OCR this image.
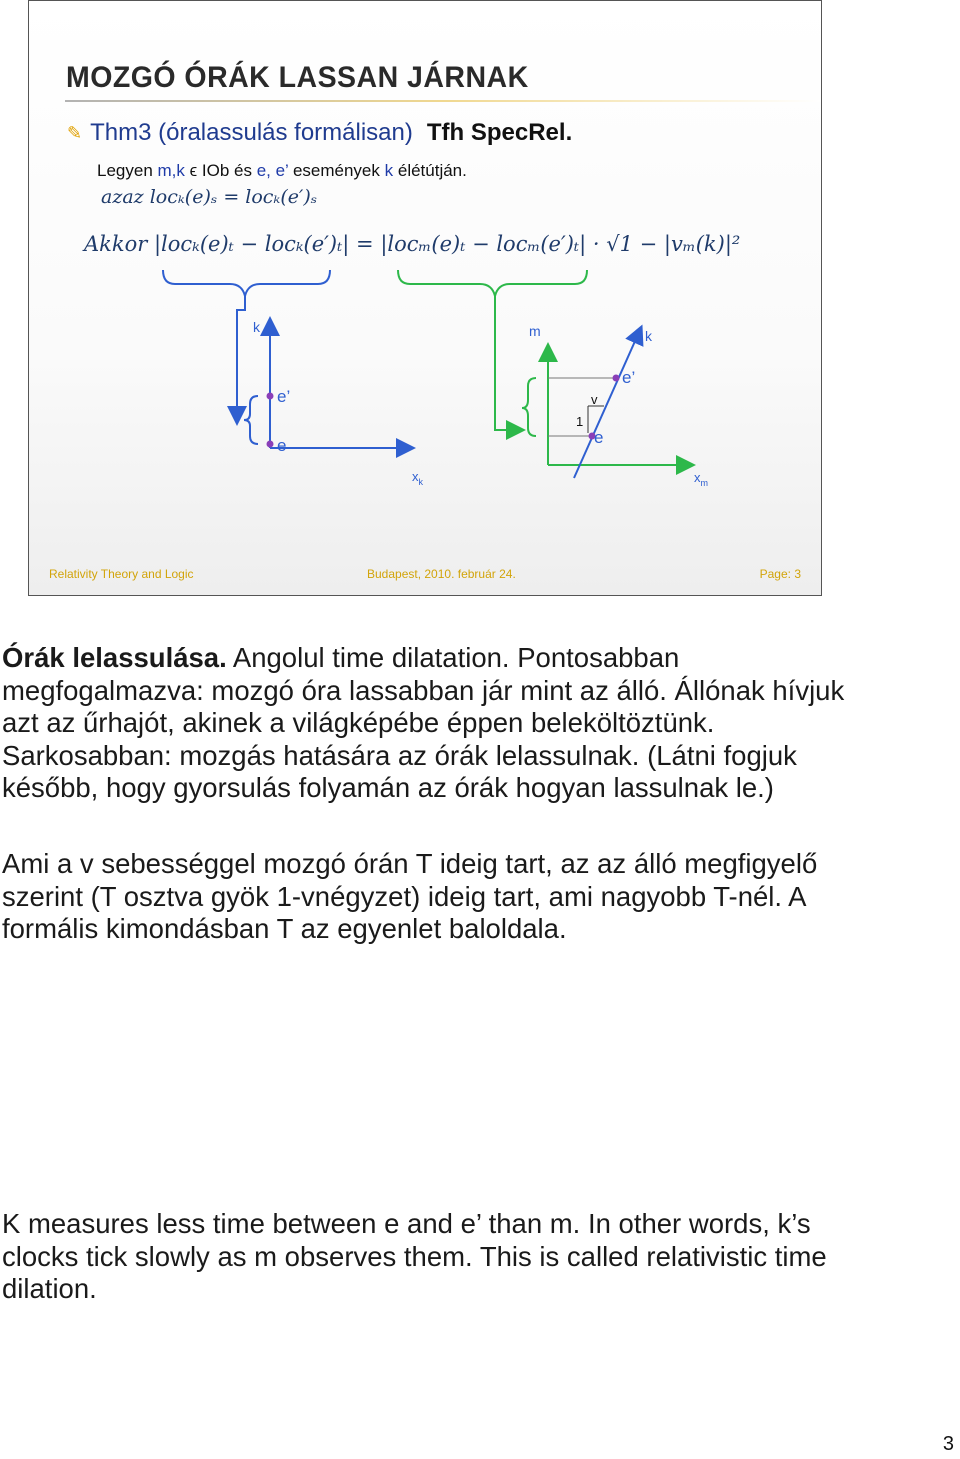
MOZGÓ ÓRÁK LASSAN JÁRNAK
✎ Thm3 (óralassulás formálisan) Tfh SpecRel.
Legyen m,k ϵ IOb és e, e’ események k élétútján.
azaz locₖ(e)ₛ = locₖ(e′)ₛ
Akkor |locₖ(e)ₜ − locₖ(e′)ₜ| = |locₘ(e)ₜ − locₘ(e′)ₜ| · √1 − |vₘ(k)|²
Relativity Theory and Logic	Budapest, 2010. február 24.	Page: 3
k
e’
e
$x_k$
m	k
e’
e
v
1
$x_m$
Órák lelassulása. Angolul time dilatation. Pontosabban megfogalmazva: mozgó óra lassabban jár mint az álló. Állónak hívjuk azt az űrhajót, akinek a világképébe éppen beleköltöztünk. Sarkosabban: mozgás hatására az órák lelassulnak. (Látni fogjuk később, hogy gyorsulás folyamán az órák hogyan lassulnak le.)
Ami a v sebességgel mozgó órán T ideig tart, az az álló megfigyelő szerint (T osztva gyök 1-vnégyzet) ideig tart, ami nagyobb T-nél. A formális kimondásban T az egyenlet baloldala.
K measures less time between e and e’ than m. In other words, k’s clocks tick slowly as m observes them. This is called relativistic time dilation.
3
